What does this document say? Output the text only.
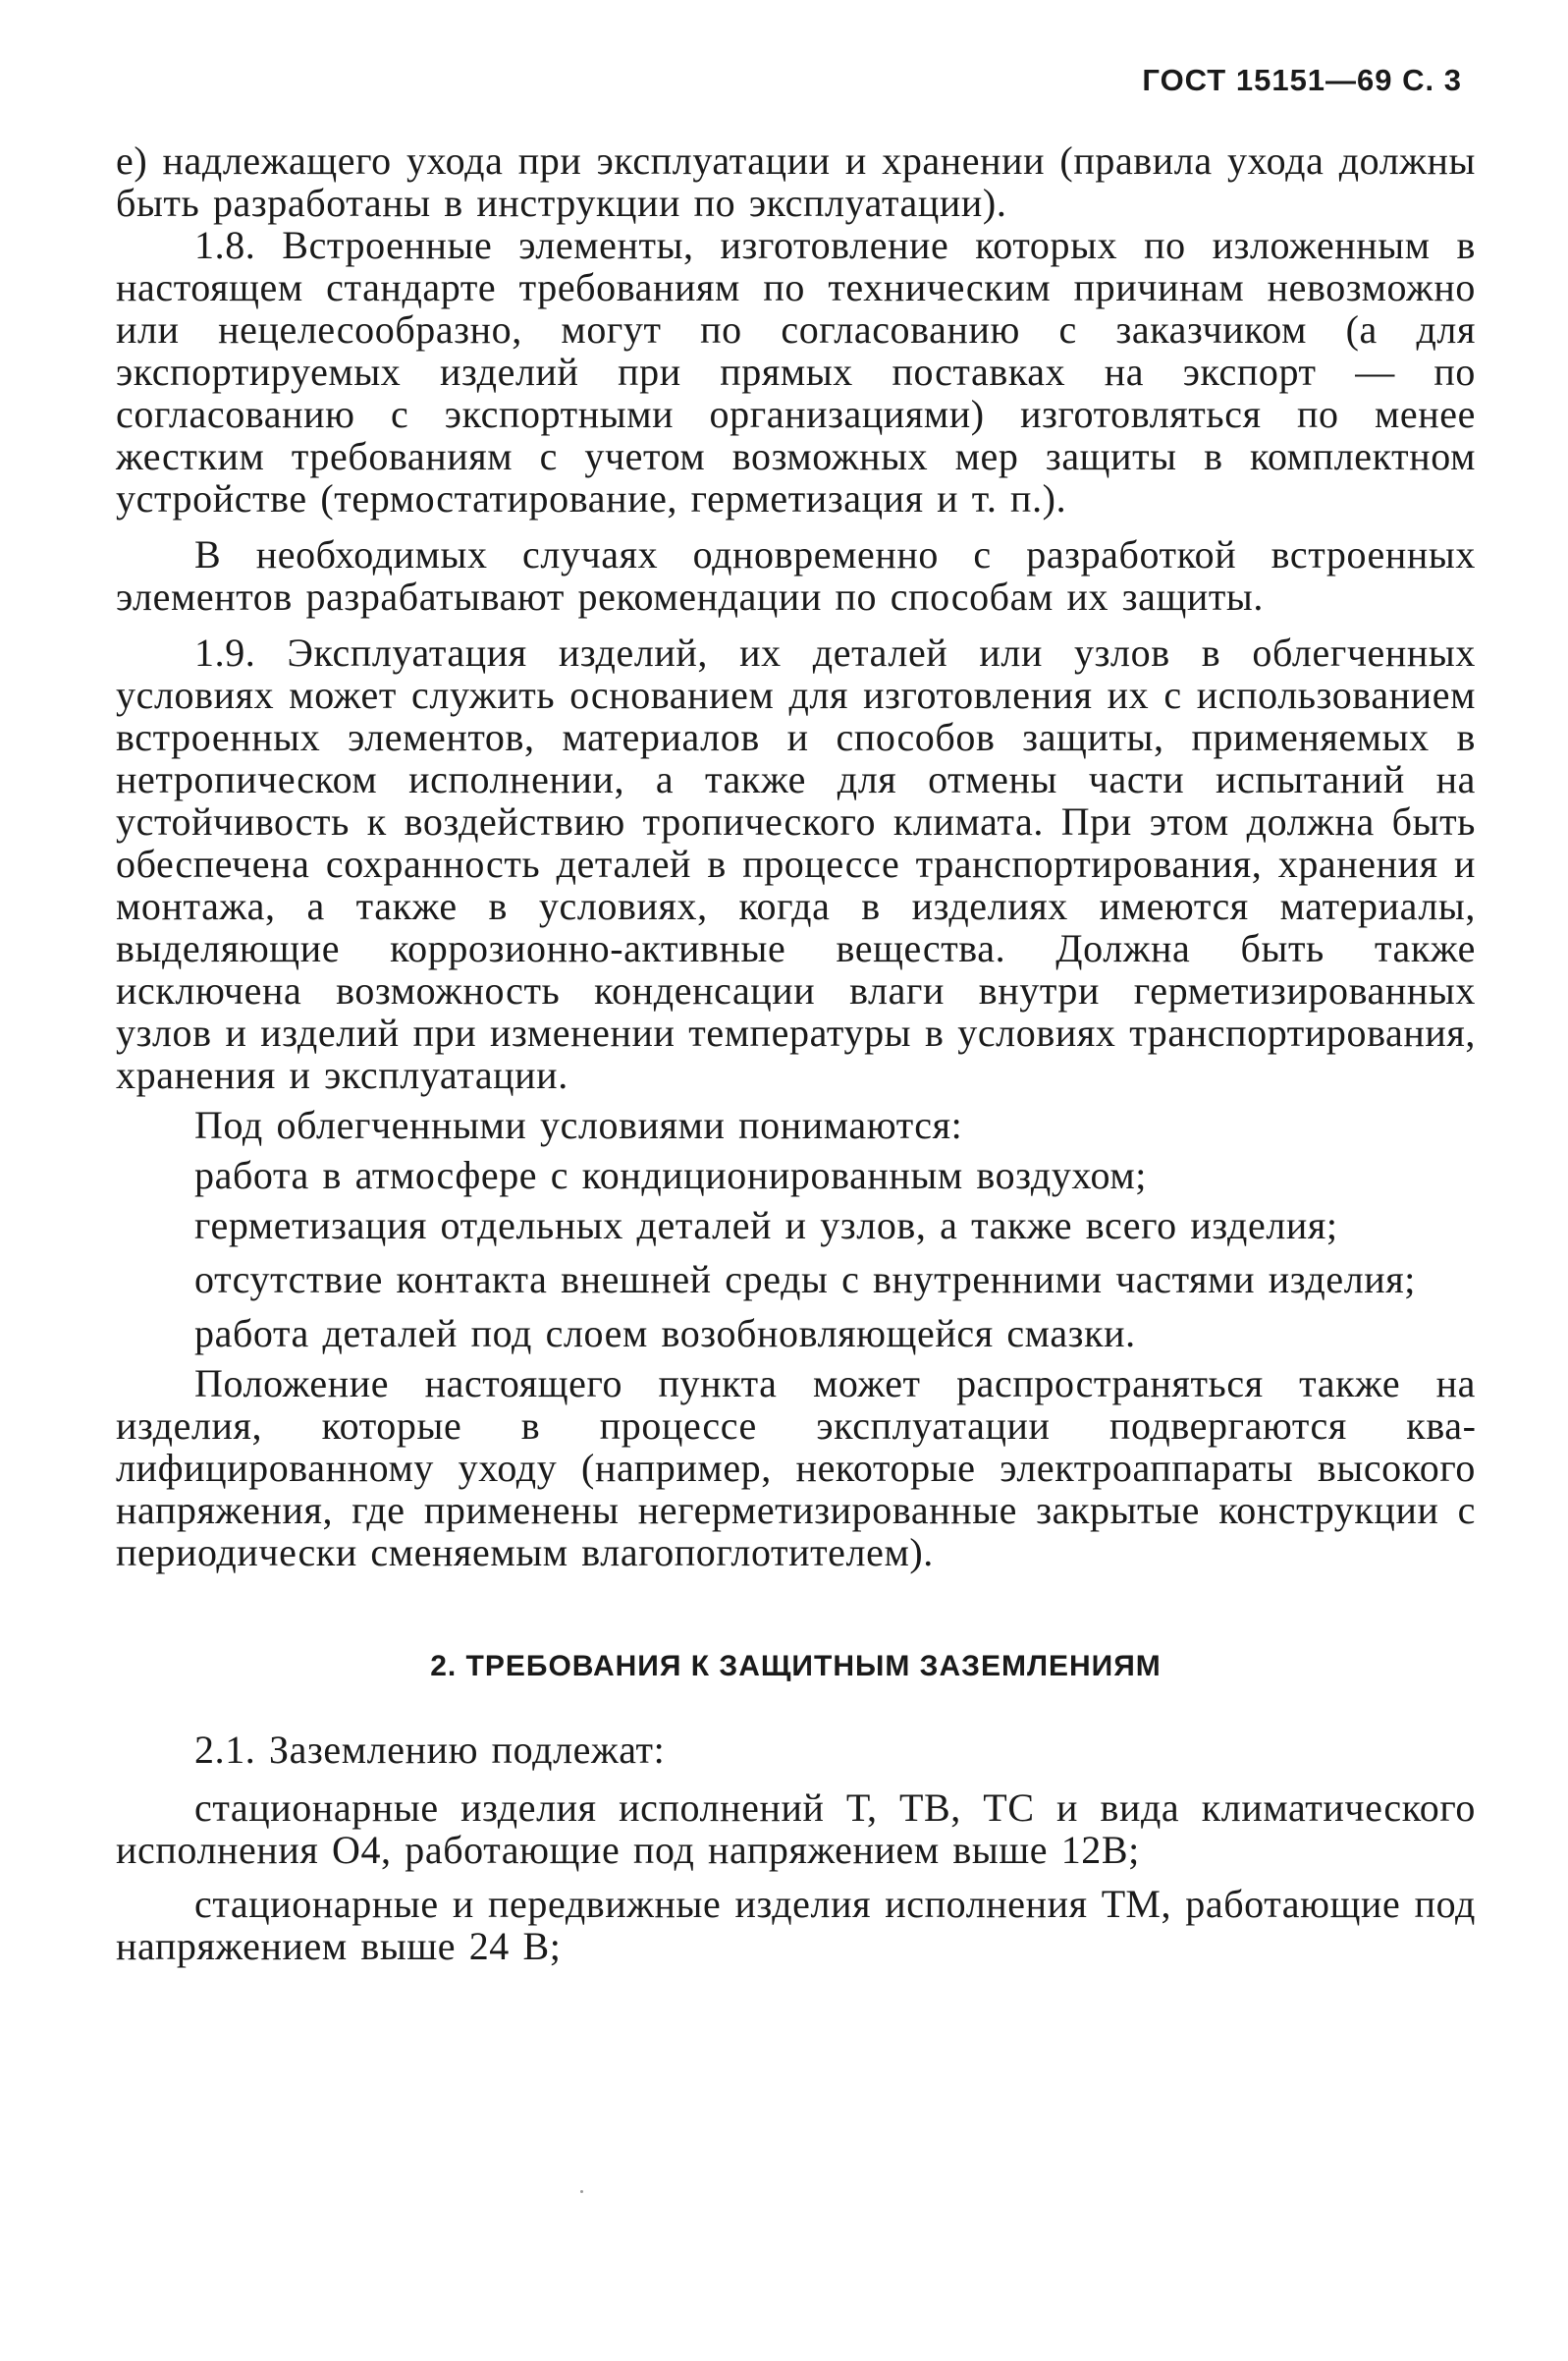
ГОСТ 15151—69 С. 3

е) надлежащего ухода при эксплуатации и хранении (правила ухода должны быть разработаны в инструкции по эксплуатации).

1.8. Встроенные элементы, изготовление которых по изложенным в настоящем стандарте требованиям по техническим причинам невозможно или нецелесообразно, могут по согласованию с заказчиком (а для экспортируемых изделий при прямых поставках на экспорт — по согласованию с экспортными организациями) изготовляться по менее жестким требованиям с учетом возможных мер защиты в комплектном устройстве (термостатирование, герметизация и т. п.).

В необходимых случаях одновременно с разработкой встроенных элементов разрабатывают рекомендации по способам их защиты.

1.9. Эксплуатация изделий, их деталей или узлов в облегченных условиях может служить основанием для изготовления их с использованием встроенных элементов, материалов и способов защиты, применяемых в нетропическом исполнении, а также для отмены части испытаний на устойчивость к воздействию тропического климата. При этом должна быть обеспечена сохранность деталей в процессе транспортирования, хранения и монтажа, а также в условиях, когда в изделиях имеются материалы, выделяющие коррозионно-активные вещества. Должна быть также исключена возможность конденсации влаги внутри герметизированных узлов и изделий при изменении температуры в условиях транспортирования, хранения и эксплуатации.

Под облегченными условиями понимаются:

работа в атмосфере с кондиционированным воздухом;

герметизация отдельных деталей и узлов, а также всего изделия;

отсутствие контакта внешней среды с внутренними частями изделия;

работа деталей под слоем возобновляющейся смазки.

Положение настоящего пункта может распространяться также на изделия, которые в процессе эксплуатации подвергаются квалифицированному уходу (например, некоторые электроаппараты высокого напряжения, где применены негерметизированные закрытые конструкции с периодически сменяемым влагопоглотителем).

2. ТРЕБОВАНИЯ К ЗАЩИТНЫМ ЗАЗЕМЛЕНИЯМ

2.1. Заземлению подлежат:

стационарные изделия исполнений Т, ТВ, ТС и вида климатического исполнения О4, работающие под напряжением выше 12В;

стационарные и передвижные изделия исполнения ТМ, работающие под напряжением выше 24 В;
